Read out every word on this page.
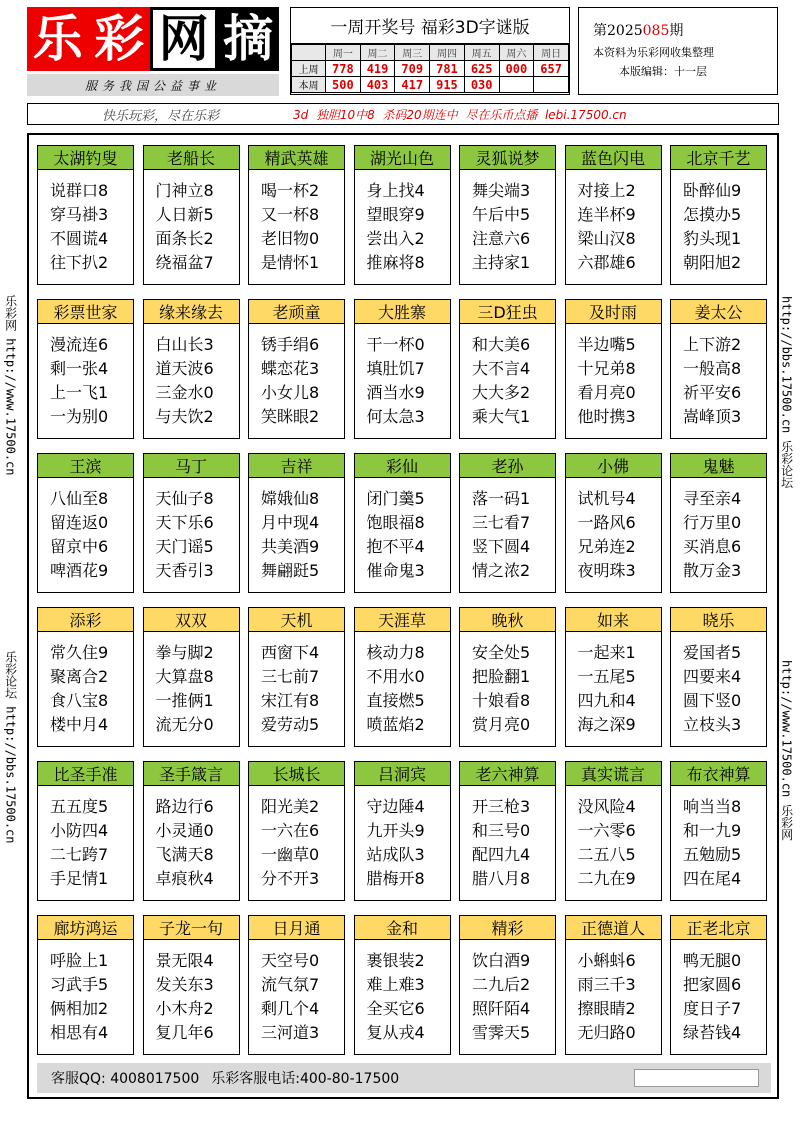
乐 彩 网 摘
服务我国公益事业
一周开奖号 福彩3D字谜版
	周一	周二	周三	周四	周五	周六	周日
上周	778	419	709	781	625	000	657
本周	500	403	417	915	030		
第2025085期
本资料为乐彩网收集整理
本版编辑：十一层
快乐玩彩，尽在乐彩	3d  独胆10中8  杀码20期连中  尽在乐币点播  lebi.17500.cn
乐彩网 http://www.17500.cn
乐彩论坛 http://bbs.17500.cn
http://bbs.17500.cn 乐彩论坛
http://www.17500.cn 乐彩网
太湖钓叟
说群口8
穿马褂3
不圆谎4
往下扒2
老船长
门神立8
人日新5
面条长2
绕福盆7
精武英雄
喝一杯2
又一杯8
老旧物0
是情怀1
湖光山色
身上找4
望眼穿9
尝出入2
推麻将8
灵狐说梦
舞尖端3
午后中5
注意六6
主持家1
蓝色闪电
对接上2
连半杯9
梁山汉8
六郡雄6
北京千艺
卧醉仙9
怎摸办5
豹头现1
朝阳旭2
彩票世家
漫流连6
剩一张4
上一飞1
一为别0
缘来缘去
白山长3
道天波6
三金水0
与夫饮2
老顽童
锈手绢6
蝶恋花3
小女儿8
笑眯眼2
大胜寨
干一杯0
填肚饥7
酒当水9
何太急3
三D狂虫
和大美6
大不言4
大大多2
乘大气1
及时雨
半边嘴5
十兄弟8
看月亮0
他时携3
姜太公
上下游2
一般高8
祈平安6
嵩峰顶3
王滨
八仙至8
留连返0
留京中6
啤酒花9
马丁
天仙子8
天下乐6
天门谣5
天香引3
吉祥
嫦娥仙8
月中现4
共美酒9
舞翩跹5
彩仙
闭门羹5
饱眼福8
抱不平4
催命鬼3
老孙
落一码1
三七看7
竖下圆4
情之浓2
小佛
试机号4
一路风6
兄弟连2
夜明珠3
鬼魅
寻至亲4
行万里0
买消息6
散万金3
添彩
常久住9
聚离合2
食八宝8
楼中月4
双双
拳与脚2
大算盘8
一推俩1
流无分0
天机
西窗下4
三七前7
宋江有8
爱劳动5
天涯草
核动力8
不用水0
直接燃5
喷蓝焰2
晚秋
安全处5
把脸翻1
十娘看8
赏月亮0
如来
一起来1
一五尾5
四九和4
海之深9
晓乐
爱国者5
四要来4
圆下竖0
立枝头3
比圣手准
五五度5
小防四4
二七跨7
手足情1
圣手箴言
路边行6
小灵通0
飞满天8
卓痕秋4
长城长
阳光美2
一六在6
一幽草0
分不开3
吕洞宾
守边陲4
九开头9
站成队3
腊梅开8
老六神算
开三枪3
和三号0
配四九4
腊八月8
真实谎言
没风险4
一六零6
二五八5
二九在9
布衣神算
响当当8
和一九9
五勉励5
四在尾4
廊坊鸿运
呼脸上1
习武手5
俩相加2
相思有4
子龙一句
景无限4
发关东3
小木舟2
复几年6
日月通
天空号0
流气氛7
剩几个4
三河道3
金和
裹银装2
难上难3
全买它6
复从戎4
精彩
饮白酒9
二九后2
照阡陌4
雪霁天5
正德道人
小蝌蚪6
雨三千3
擦眼睛2
无归路0
正老北京
鸭无腿0
把家圆6
度日子7
绿苔钱4
客服QQ: 4008017500 乐彩客服电话:400-80-17500
